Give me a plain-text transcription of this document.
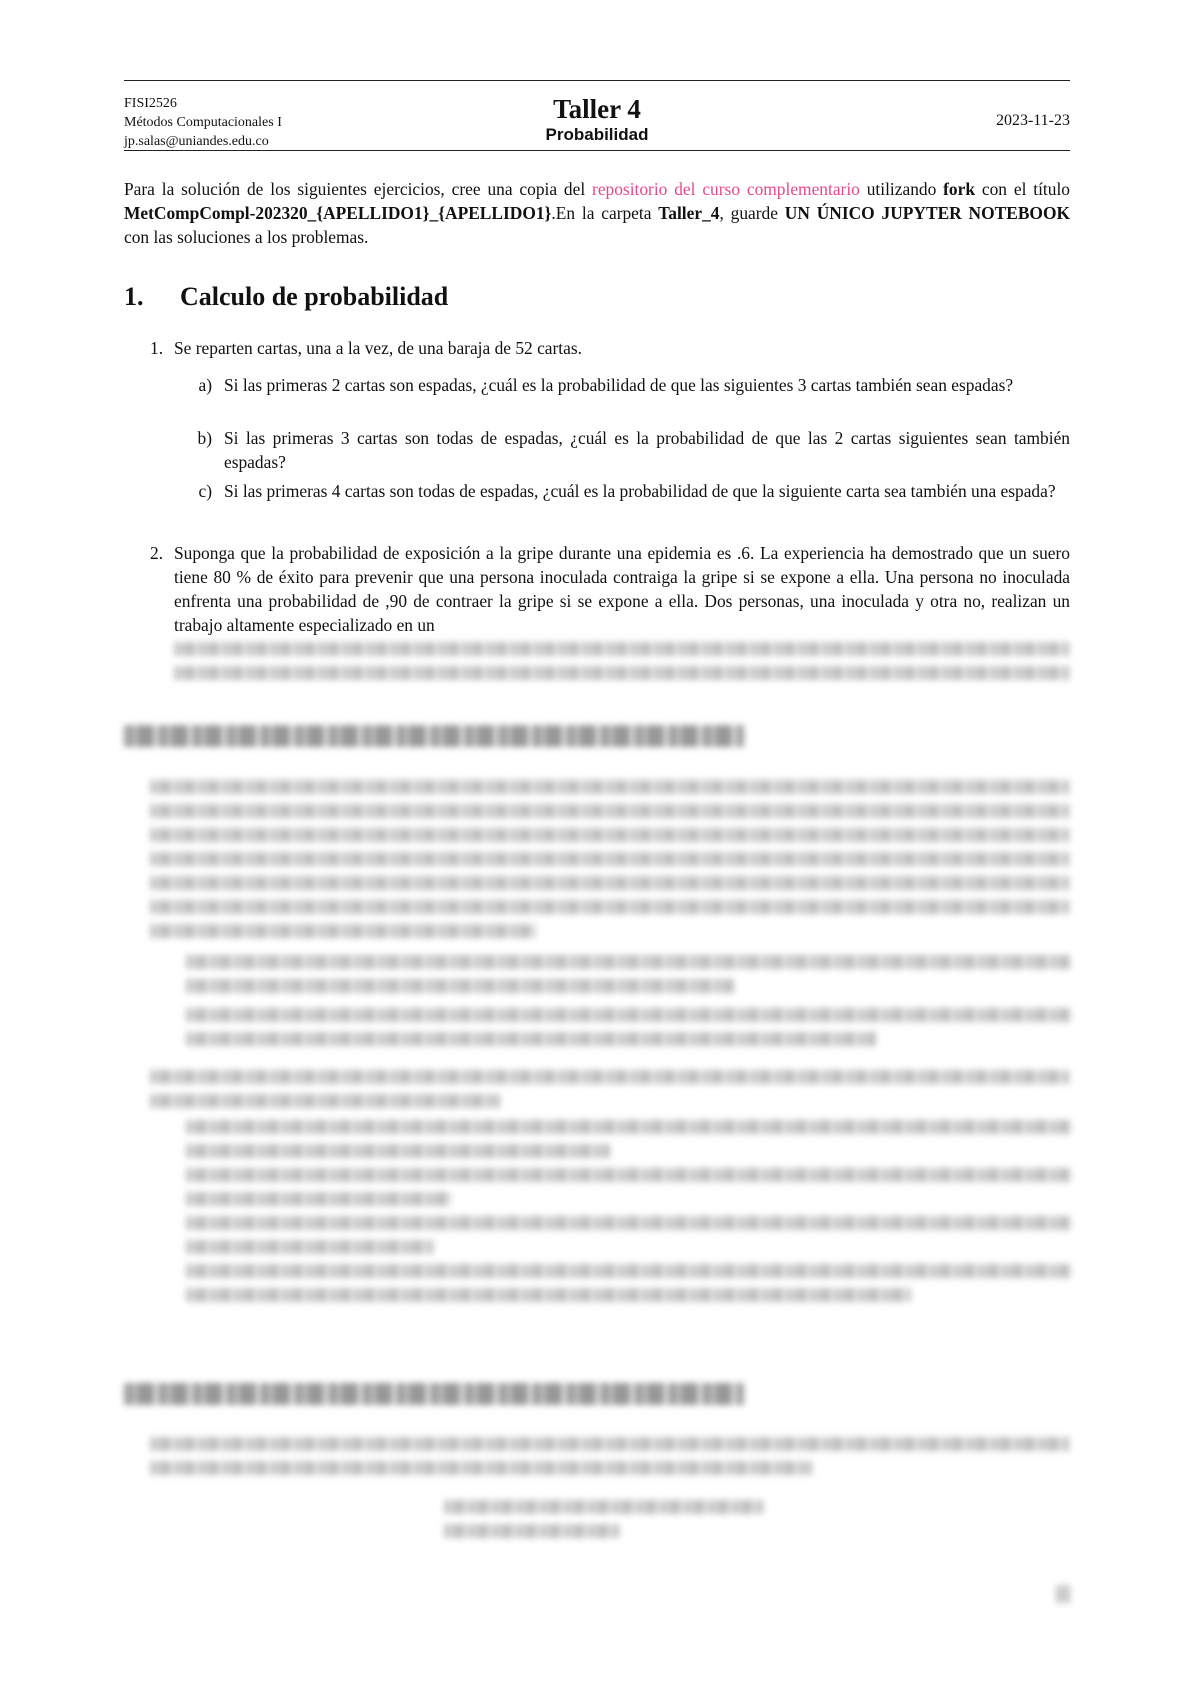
FISI2526
Métodos Computacionales I
jp.salas@uniandes.edu.co
Taller 4
Probabilidad
2023-11-23
Para la solución de los siguientes ejercicios, cree una copia del repositorio del curso complementario utilizando fork con el título MetCompCompl-202320_{APELLIDO1}_{APELLIDO1}.En la carpeta Taller_4, guarde UN ÚNICO JUPYTER NOTEBOOK con las soluciones a los problemas.
1. Calculo de probabilidad
1. Se reparten cartas, una a la vez, de una baraja de 52 cartas.
a) Si las primeras 2 cartas son espadas, ¿cuál es la probabilidad de que las siguientes 3 cartas también sean espadas?
b) Si las primeras 3 cartas son todas de espadas, ¿cuál es la probabilidad de que las 2 cartas siguientes sean también espadas?
c) Si las primeras 4 cartas son todas de espadas, ¿cuál es la probabilidad de que la siguiente carta sea también una espada?
2. Suponga que la probabilidad de exposición a la gripe durante una epidemia es .6. La experiencia ha demostrado que un suero tiene 80 % de éxito para prevenir que una persona inoculada contraiga la gripe si se expone a ella. Una persona no inoculada enfrenta una probabilidad de ,90 de contraer la gripe si se expone a ella. Dos personas, una inoculada y otra no, realizan un trabajo altamente especializado en un
